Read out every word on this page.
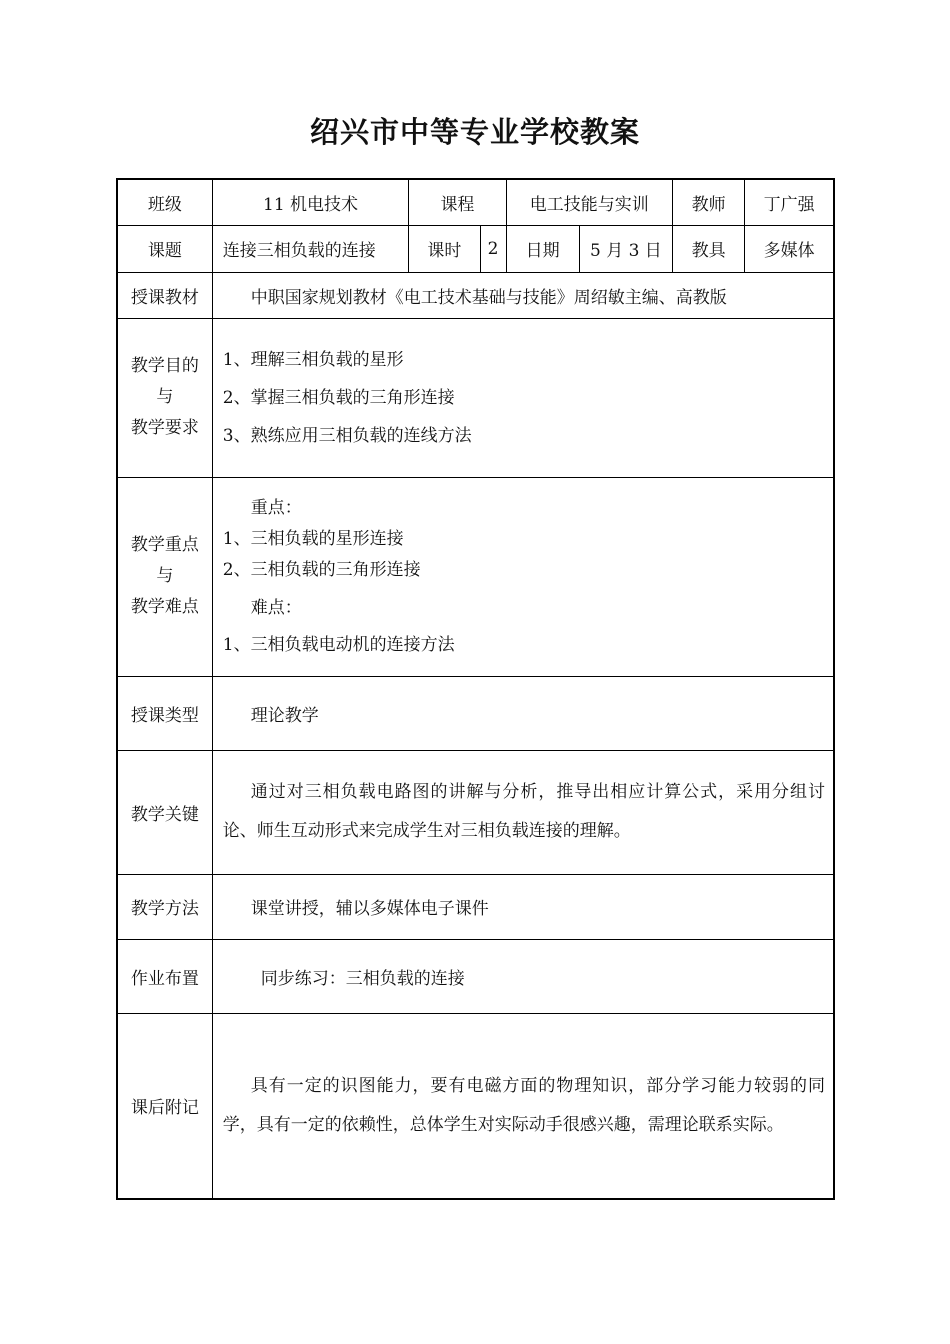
绍兴市中等专业学校教案
班级	11 机电技术	课程		电工技能与实训		教师	丁广强
课题	连接三相负载的连接	课时	2	日期	5 月 3 日	教具	多媒体
授课教材	中职国家规划教材《电工技术基础与技能》周绍敏主编、高教版						

教学目的
与
教学要求	1、理解三相负载的星形
2、掌握三相负载的三角形连接
3、熟练应用三相负载的连线方法						

教学重点
与
教学难点	重点：
1、三相负载的星形连接
2、三相负载的三角形连接
难点：
1、三相负载电动机的连接方法						

授课类型	理论教学						
教学关键	通过对三相负载电路图的讲解与分析，推导出相应计算公式，采用分组讨论、师生互动形式来完成学生对三相负载连接的理解。						
教学方法	课堂讲授，辅以多媒体电子课件						
作业布置	同步练习：三相负载的连接						
课后附记	具有一定的识图能力，要有电磁方面的物理知识，部分学习能力较弱的同学，具有一定的依赖性，总体学生对实际动手很感兴趣，需理论联系实际。						
